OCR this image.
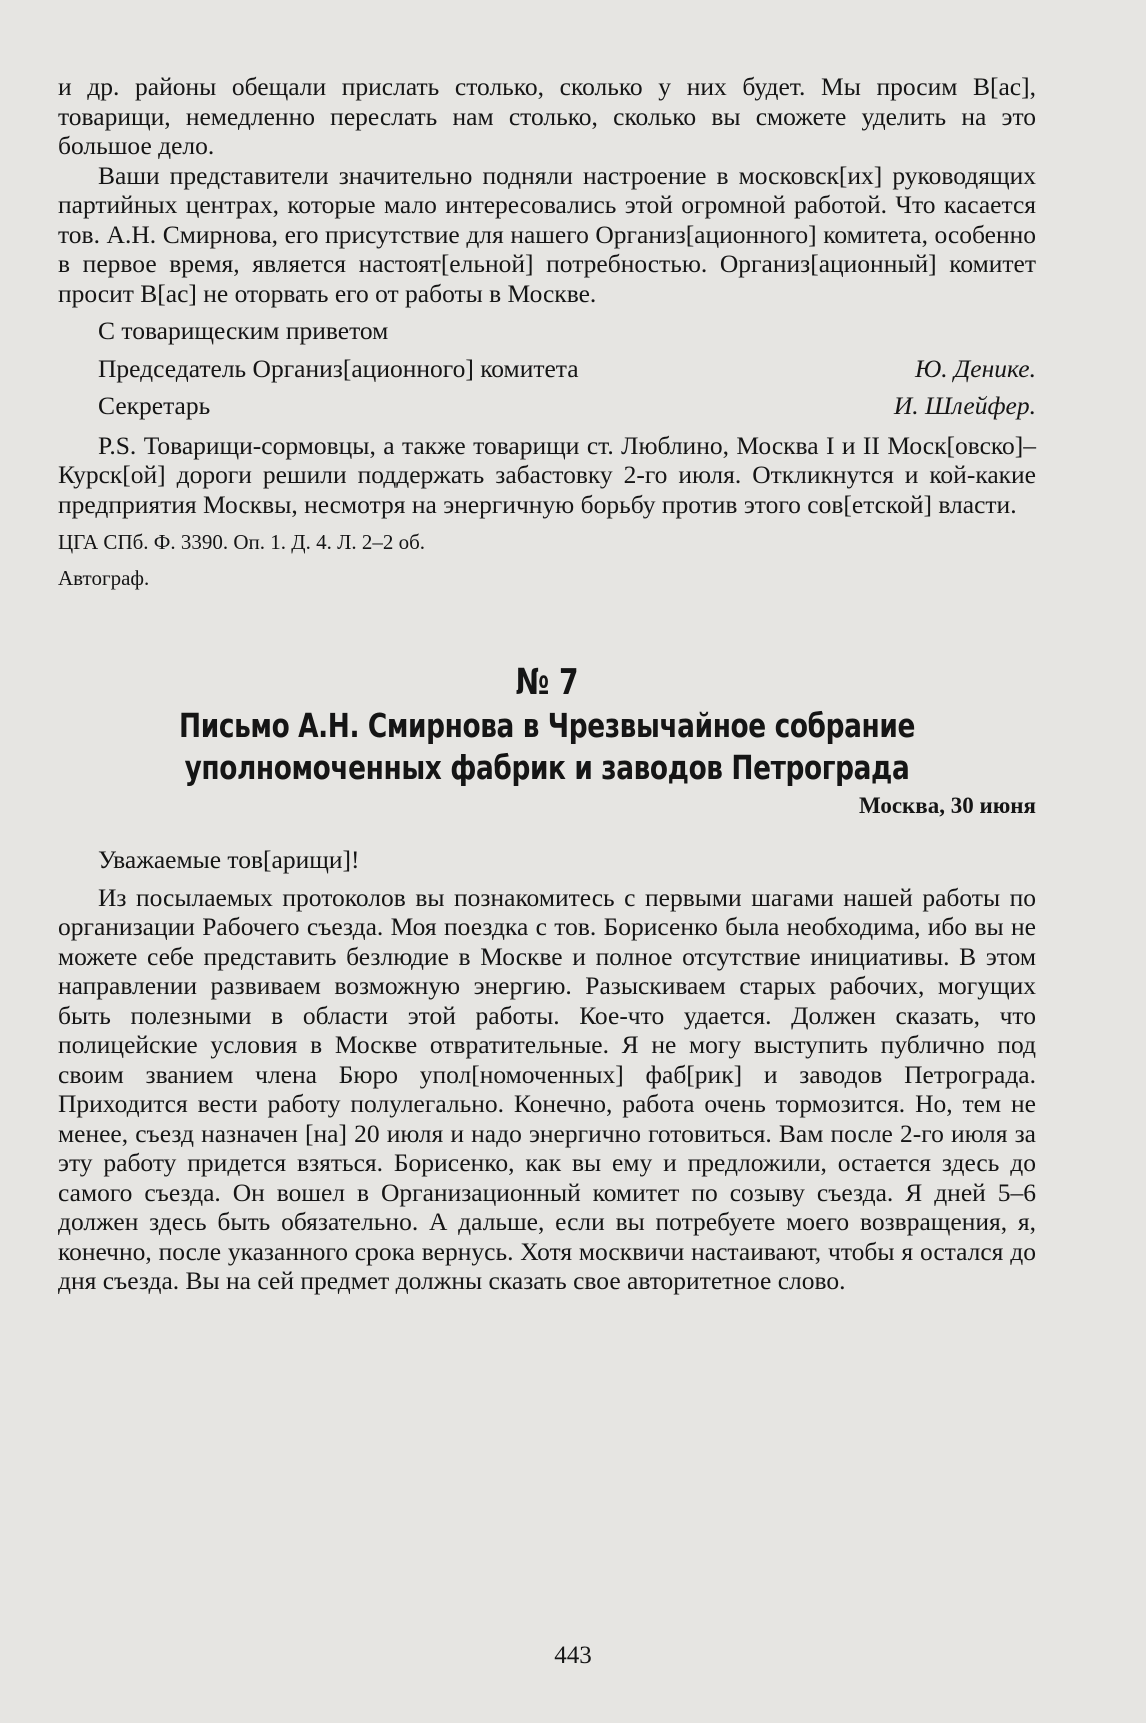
и др. районы обещали прислать столько, сколько у них будет. Мы просим В[ас], товарищи, немедленно переслать нам столько, сколько вы сможете уделить на это большое дело.

Ваши представители значительно подняли настроение в московск[их] руководящих партийных центрах, которые мало интересовались этой огромной работой. Что касается тов. А.Н. Смирнова, его присутствие для нашего Организ[ационного] комитета, особенно в первое время, является настоят[ельной] потребностью. Организ[ационный] комитет просит В[ас] не оторвать его от работы в Москве.

С товарищеским приветом
Председатель Организ[ационного] комитета	Ю. Денике.
Секретарь	И. Шлейфер.

P.S. Товарищи-сормовцы, а также товарищи ст. Люблино, Москва I и II Моск[овско]–Курск[ой] дороги решили поддержать забастовку 2-го июля. Откликнутся и кой-какие предприятия Москвы, несмотря на энергичную борьбу против этого сов[етской] власти.

ЦГА СПб. Ф. 3390. Оп. 1. Д. 4. Л. 2–2 об.
Автограф.
№ 7
Письмо А.Н. Смирнова в Чрезвычайное собрание
уполномоченных фабрик и заводов Петрограда
Москва, 30 июня
Уважаемые тов[арищи]!

Из посылаемых протоколов вы познакомитесь с первыми шагами нашей работы по организации Рабочего съезда. Моя поездка с тов. Борисенко была необходима, ибо вы не можете себе представить безлюдие в Москве и полное отсутствие инициативы. В этом направлении развиваем возможную энергию. Разыскиваем старых рабочих, могущих быть полезными в области этой работы. Кое-что удается. Должен сказать, что полицейские условия в Москве отвратительные. Я не могу выступить публично под своим званием члена Бюро упол[номоченных] фаб[рик] и заводов Петрограда. Приходится вести работу полулегально. Конечно, работа очень тормозится. Но, тем не менее, съезд назначен [на] 20 июля и надо энергично готовиться. Вам после 2-го июля за эту работу придется взяться. Борисенко, как вы ему и предложили, остается здесь до самого съезда. Он вошел в Организационный комитет по созыву съезда. Я дней 5–6 должен здесь быть обязательно. А дальше, если вы потребуете моего возвращения, я, конечно, после указанного срока вернусь. Хотя москвичи настаивают, чтобы я остался до дня съезда. Вы на сей предмет должны сказать свое авторитетное слово.

443
